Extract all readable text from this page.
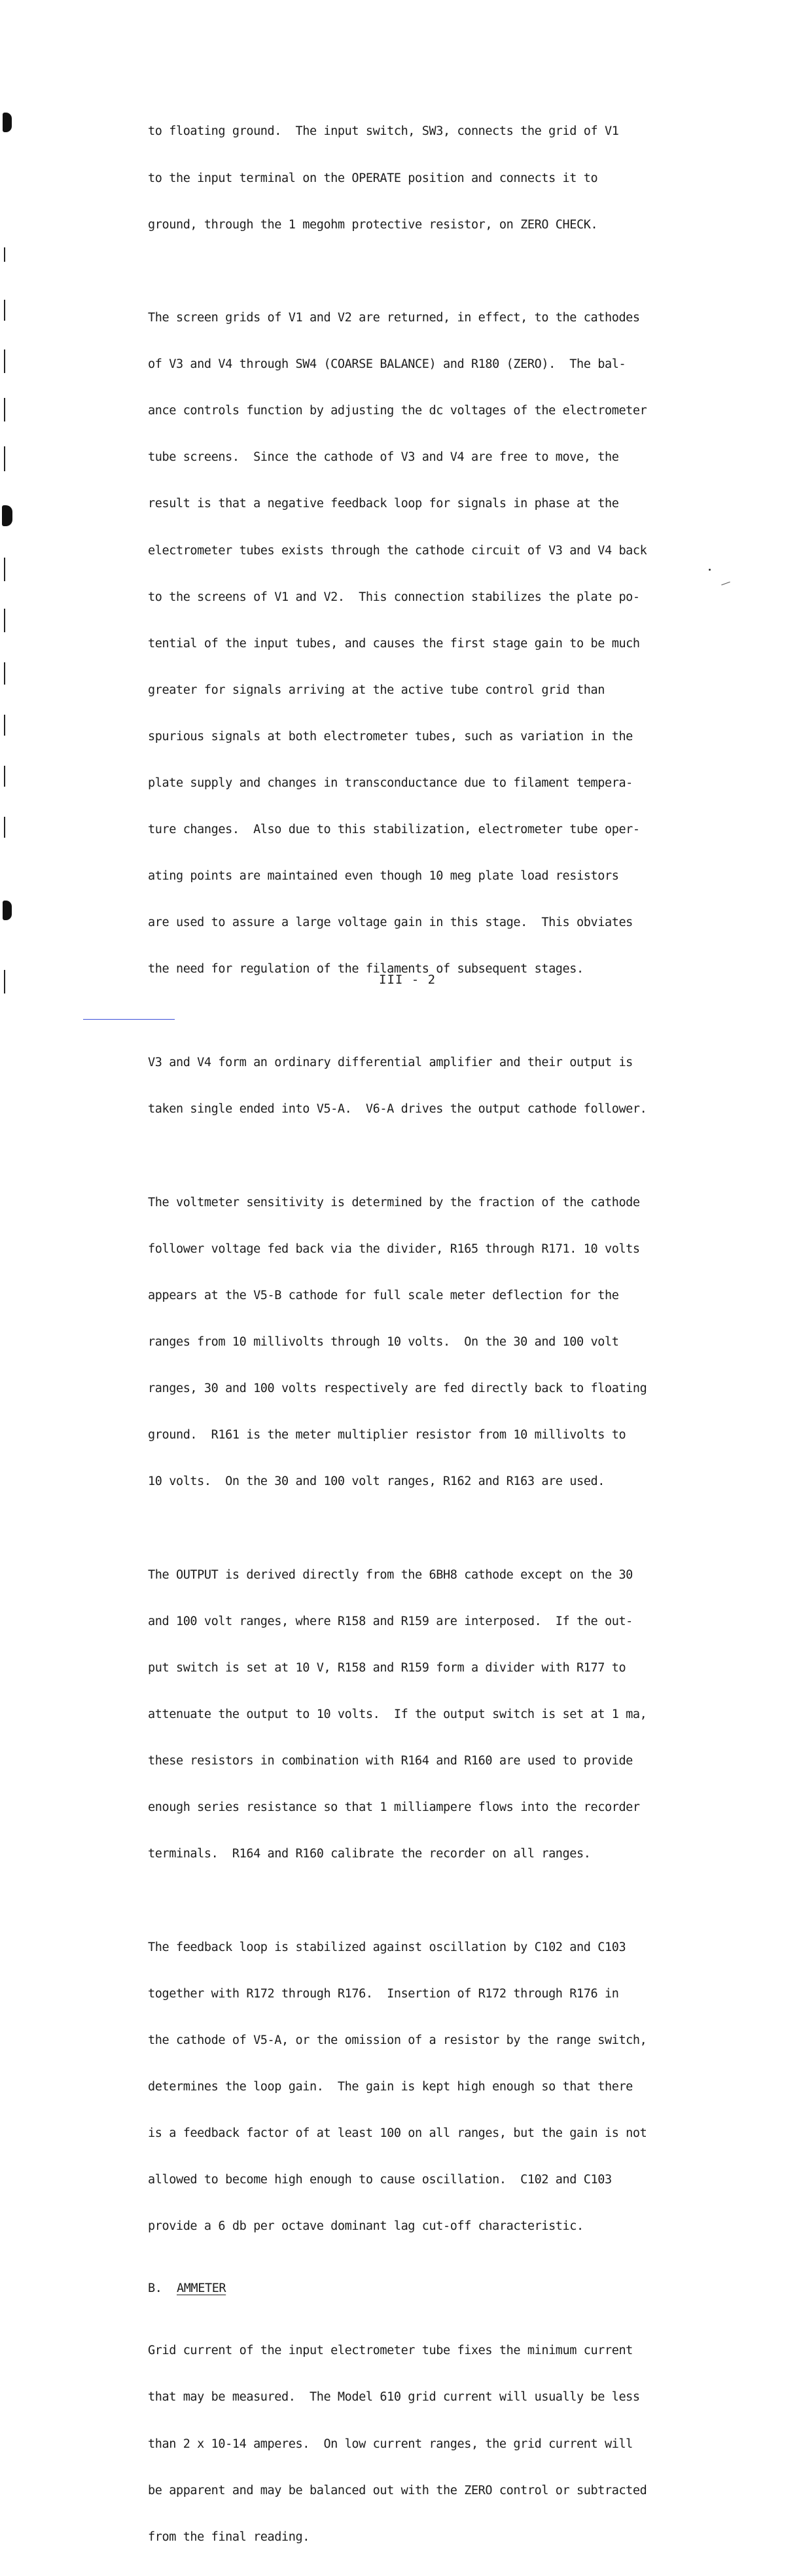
to floating ground.  The input switch, SW3, connects the grid of V1

to the input terminal on the OPERATE position and connects it to

ground, through the 1 megohm protective resistor, on ZERO CHECK.

The screen grids of V1 and V2 are returned, in effect, to the cathodes

of V3 and V4 through SW4 (COARSE BALANCE) and R180 (ZERO).  The bal-

ance controls function by adjusting the dc voltages of the electrometer

tube screens.  Since the cathode of V3 and V4 are free to move, the

result is that a negative feedback loop for signals in phase at the

electrometer tubes exists through the cathode circuit of V3 and V4 back

to the screens of V1 and V2.  This connection stabilizes the plate po-

tential of the input tubes, and causes the first stage gain to be much

greater for signals arriving at the active tube control grid than

spurious signals at both electrometer tubes, such as variation in the

plate supply and changes in transconductance due to filament tempera-

ture changes.  Also due to this stabilization, electrometer tube oper-

ating points are maintained even though 10 meg plate load resistors

are used to assure a large voltage gain in this stage.  This obviates

the need for regulation of the filaments of subsequent stages.

V3 and V4 form an ordinary differential amplifier and their output is

taken single ended into V5-A.  V6-A drives the output cathode follower.

The voltmeter sensitivity is determined by the fraction of the cathode

follower voltage fed back via the divider, R165 through R171. 10 volts

appears at the V5-B cathode for full scale meter deflection for the

ranges from 10 millivolts through 10 volts.  On the 30 and 100 volt

ranges, 30 and 100 volts respectively are fed directly back to floating

ground.  R161 is the meter multiplier resistor from 10 millivolts to

10 volts.  On the 30 and 100 volt ranges, R162 and R163 are used.

The OUTPUT is derived directly from the 6BH8 cathode except on the 30

and 100 volt ranges, where R158 and R159 are interposed.  If the out-

put switch is set at 10 V, R158 and R159 form a divider with R177 to

attenuate the output to 10 volts.  If the output switch is set at 1 ma,

these resistors in combination with R164 and R160 are used to provide

enough series resistance so that 1 milliampere flows into the recorder

terminals.  R164 and R160 calibrate the recorder on all ranges.

The feedback loop is stabilized against oscillation by C102 and C103

together with R172 through R176.  Insertion of R172 through R176 in

the cathode of V5-A, or the omission of a resistor by the range switch,

determines the loop gain.  The gain is kept high enough so that there

is a feedback factor of at least 100 on all ranges, but the gain is not

allowed to become high enough to cause oscillation.  C102 and C103

provide a 6 db per octave dominant lag cut-off characteristic.

B. AMMETER

Grid current of the input electrometer tube fixes the minimum current

that may be measured.  The Model 610 grid current will usually be less

than 2 x 10-14 amperes.  On low current ranges, the grid current will

be apparent and may be balanced out with the ZERO control or subtracted

from the final reading.

III - 2
